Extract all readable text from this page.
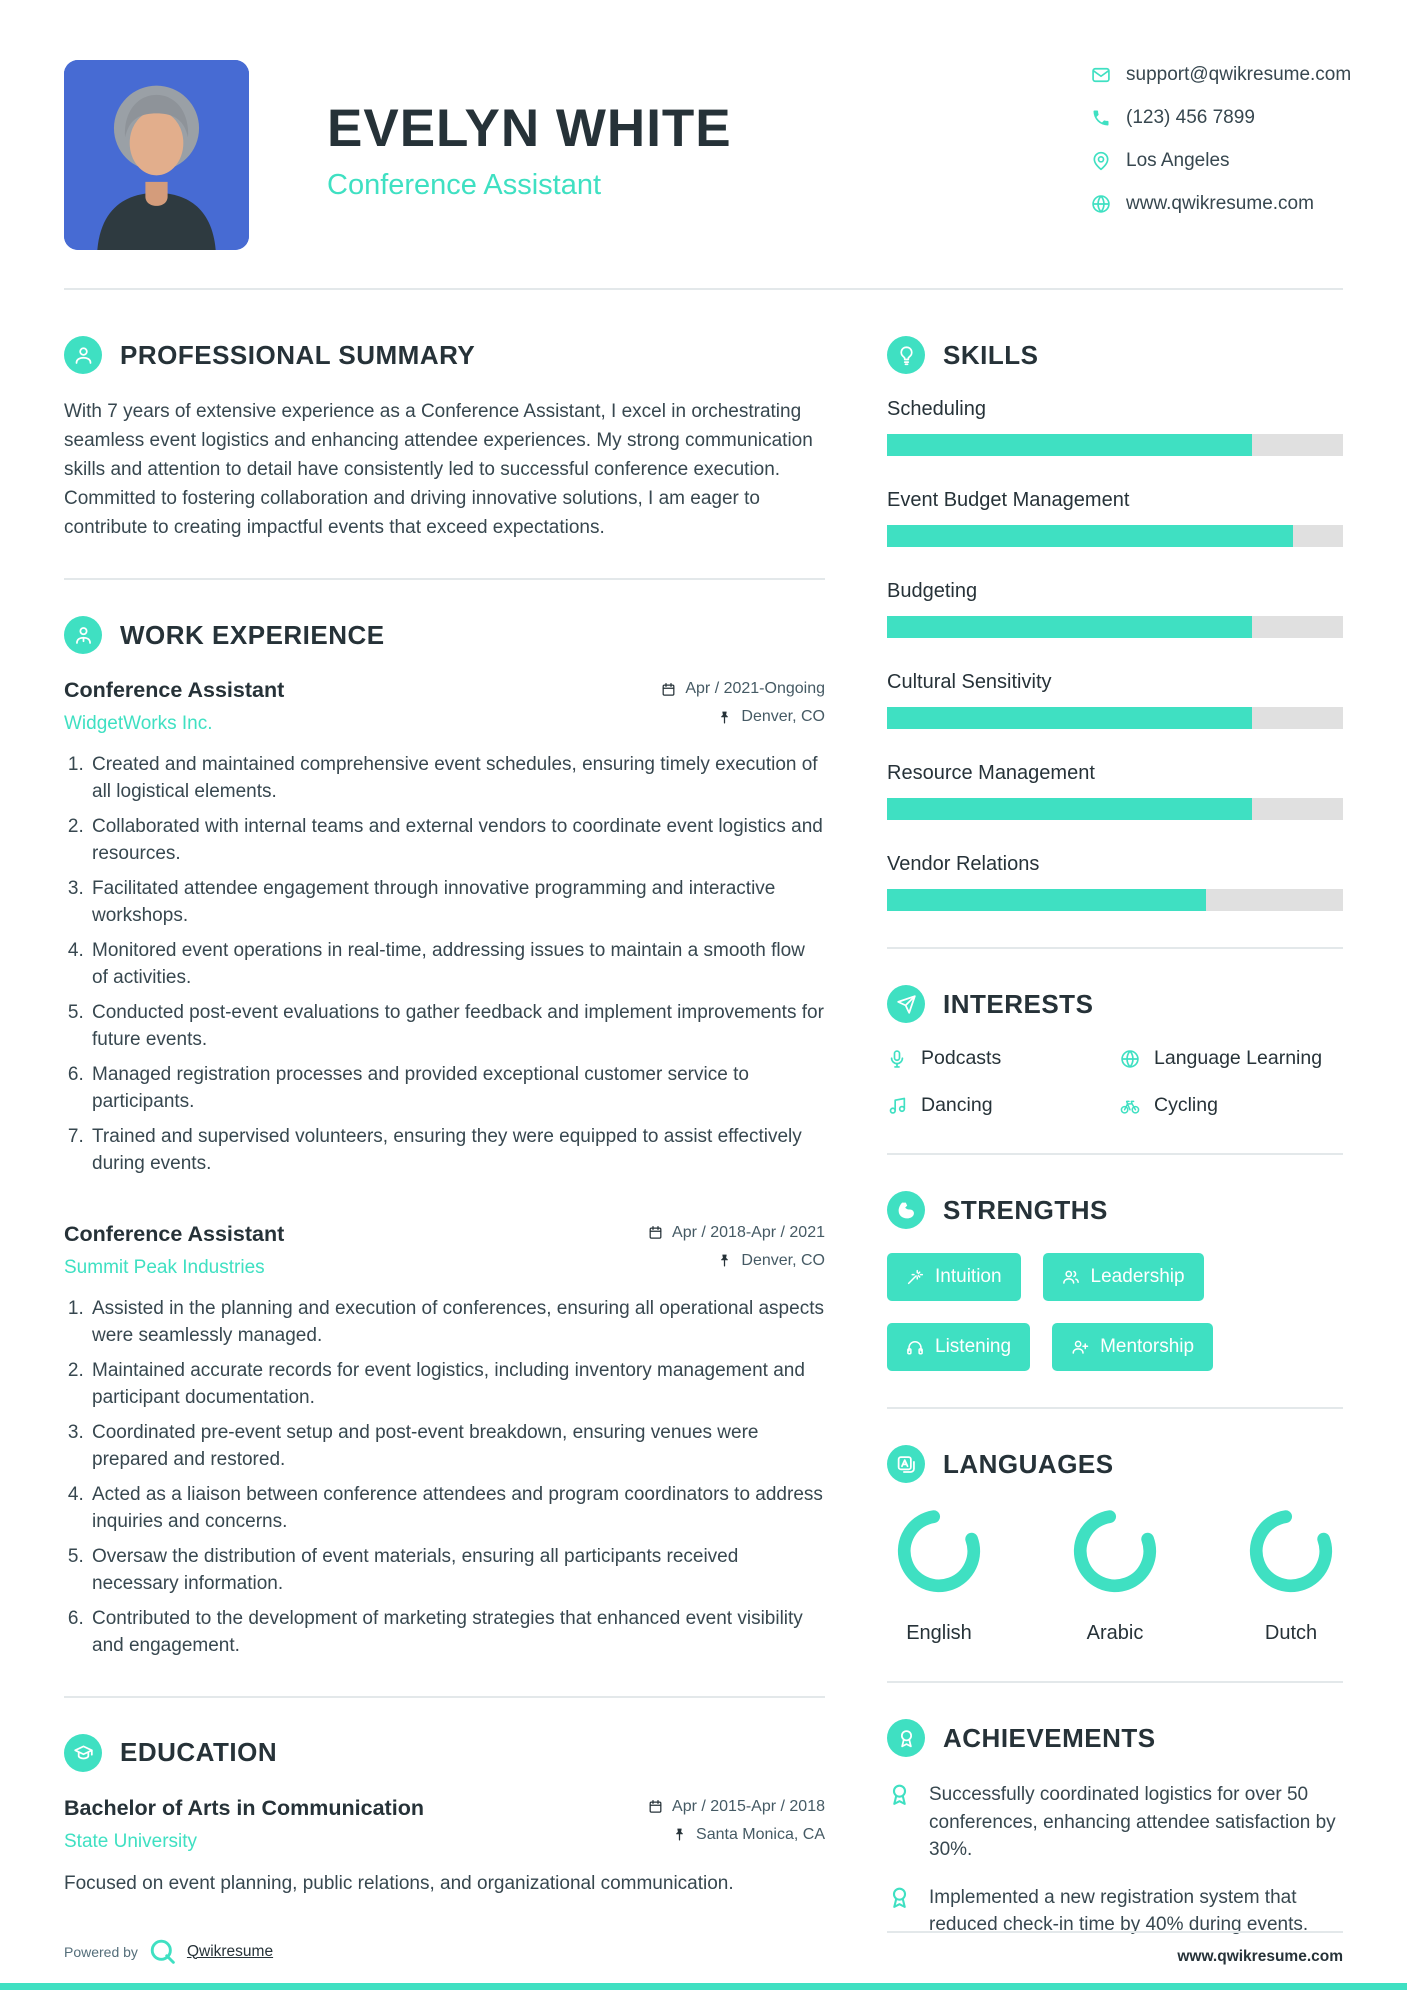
EVELYN WHITE
Conference Assistant
support@qwikresume.com
(123) 456 7899
Los Angeles
www.qwikresume.com
PROFESSIONAL SUMMARY

With 7 years of extensive experience as a Conference Assistant, I excel in orchestrating seamless event logistics and enhancing attendee experiences. My strong communication skills and attention to detail have consistently led to successful conference execution. Committed to fostering collaboration and driving innovative solutions, I am eager to contribute to creating impactful events that exceed expectations.

WORK EXPERIENCE
Conference Assistant
WidgetWorks Inc.
Apr / 2021-Ongoing
Denver, CO
1. Created and maintained comprehensive event schedules, ensuring timely execution of all logistical elements.
2. Collaborated with internal teams and external vendors to coordinate event logistics and resources.
3. Facilitated attendee engagement through innovative programming and interactive workshops.
4. Monitored event operations in real-time, addressing issues to maintain a smooth flow of activities.
5. Conducted post-event evaluations to gather feedback and implement improvements for future events.
6. Managed registration processes and provided exceptional customer service to participants.
7. Trained and supervised volunteers, ensuring they were equipped to assist effectively during events.
Conference Assistant
Summit Peak Industries
Apr / 2018-Apr / 2021
Denver, CO
1. Assisted in the planning and execution of conferences, ensuring all operational aspects were seamlessly managed.
2. Maintained accurate records for event logistics, including inventory management and participant documentation.
3. Coordinated pre-event setup and post-event breakdown, ensuring venues were prepared and restored.
4. Acted as a liaison between conference attendees and program coordinators to address inquiries and concerns.
5. Oversaw the distribution of event materials, ensuring all participants received necessary information.
6. Contributed to the development of marketing strategies that enhanced event visibility and engagement.
EDUCATION
Bachelor of Arts in Communication
State University
Apr / 2015-Apr / 2018
Santa Monica, CA

Focused on event planning, public relations, and organizational communication.

SKILLS
Scheduling
Event Budget Management
Budgeting
Cultural Sensitivity
Resource Management
Vendor Relations
INTERESTS
Podcasts	Language Learning
Dancing	Cycling
STRENGTHS
Intuition	Leadership
Listening	Mentorship
LANGUAGES
English	Arabic	Dutch
ACHIEVEMENTS

Successfully coordinated logistics for over 50 conferences, enhancing attendee satisfaction by 30%.

Implemented a new registration system that reduced check-in time by 40% during events.

Powered by	Qwikresume	www.qwikresume.com
